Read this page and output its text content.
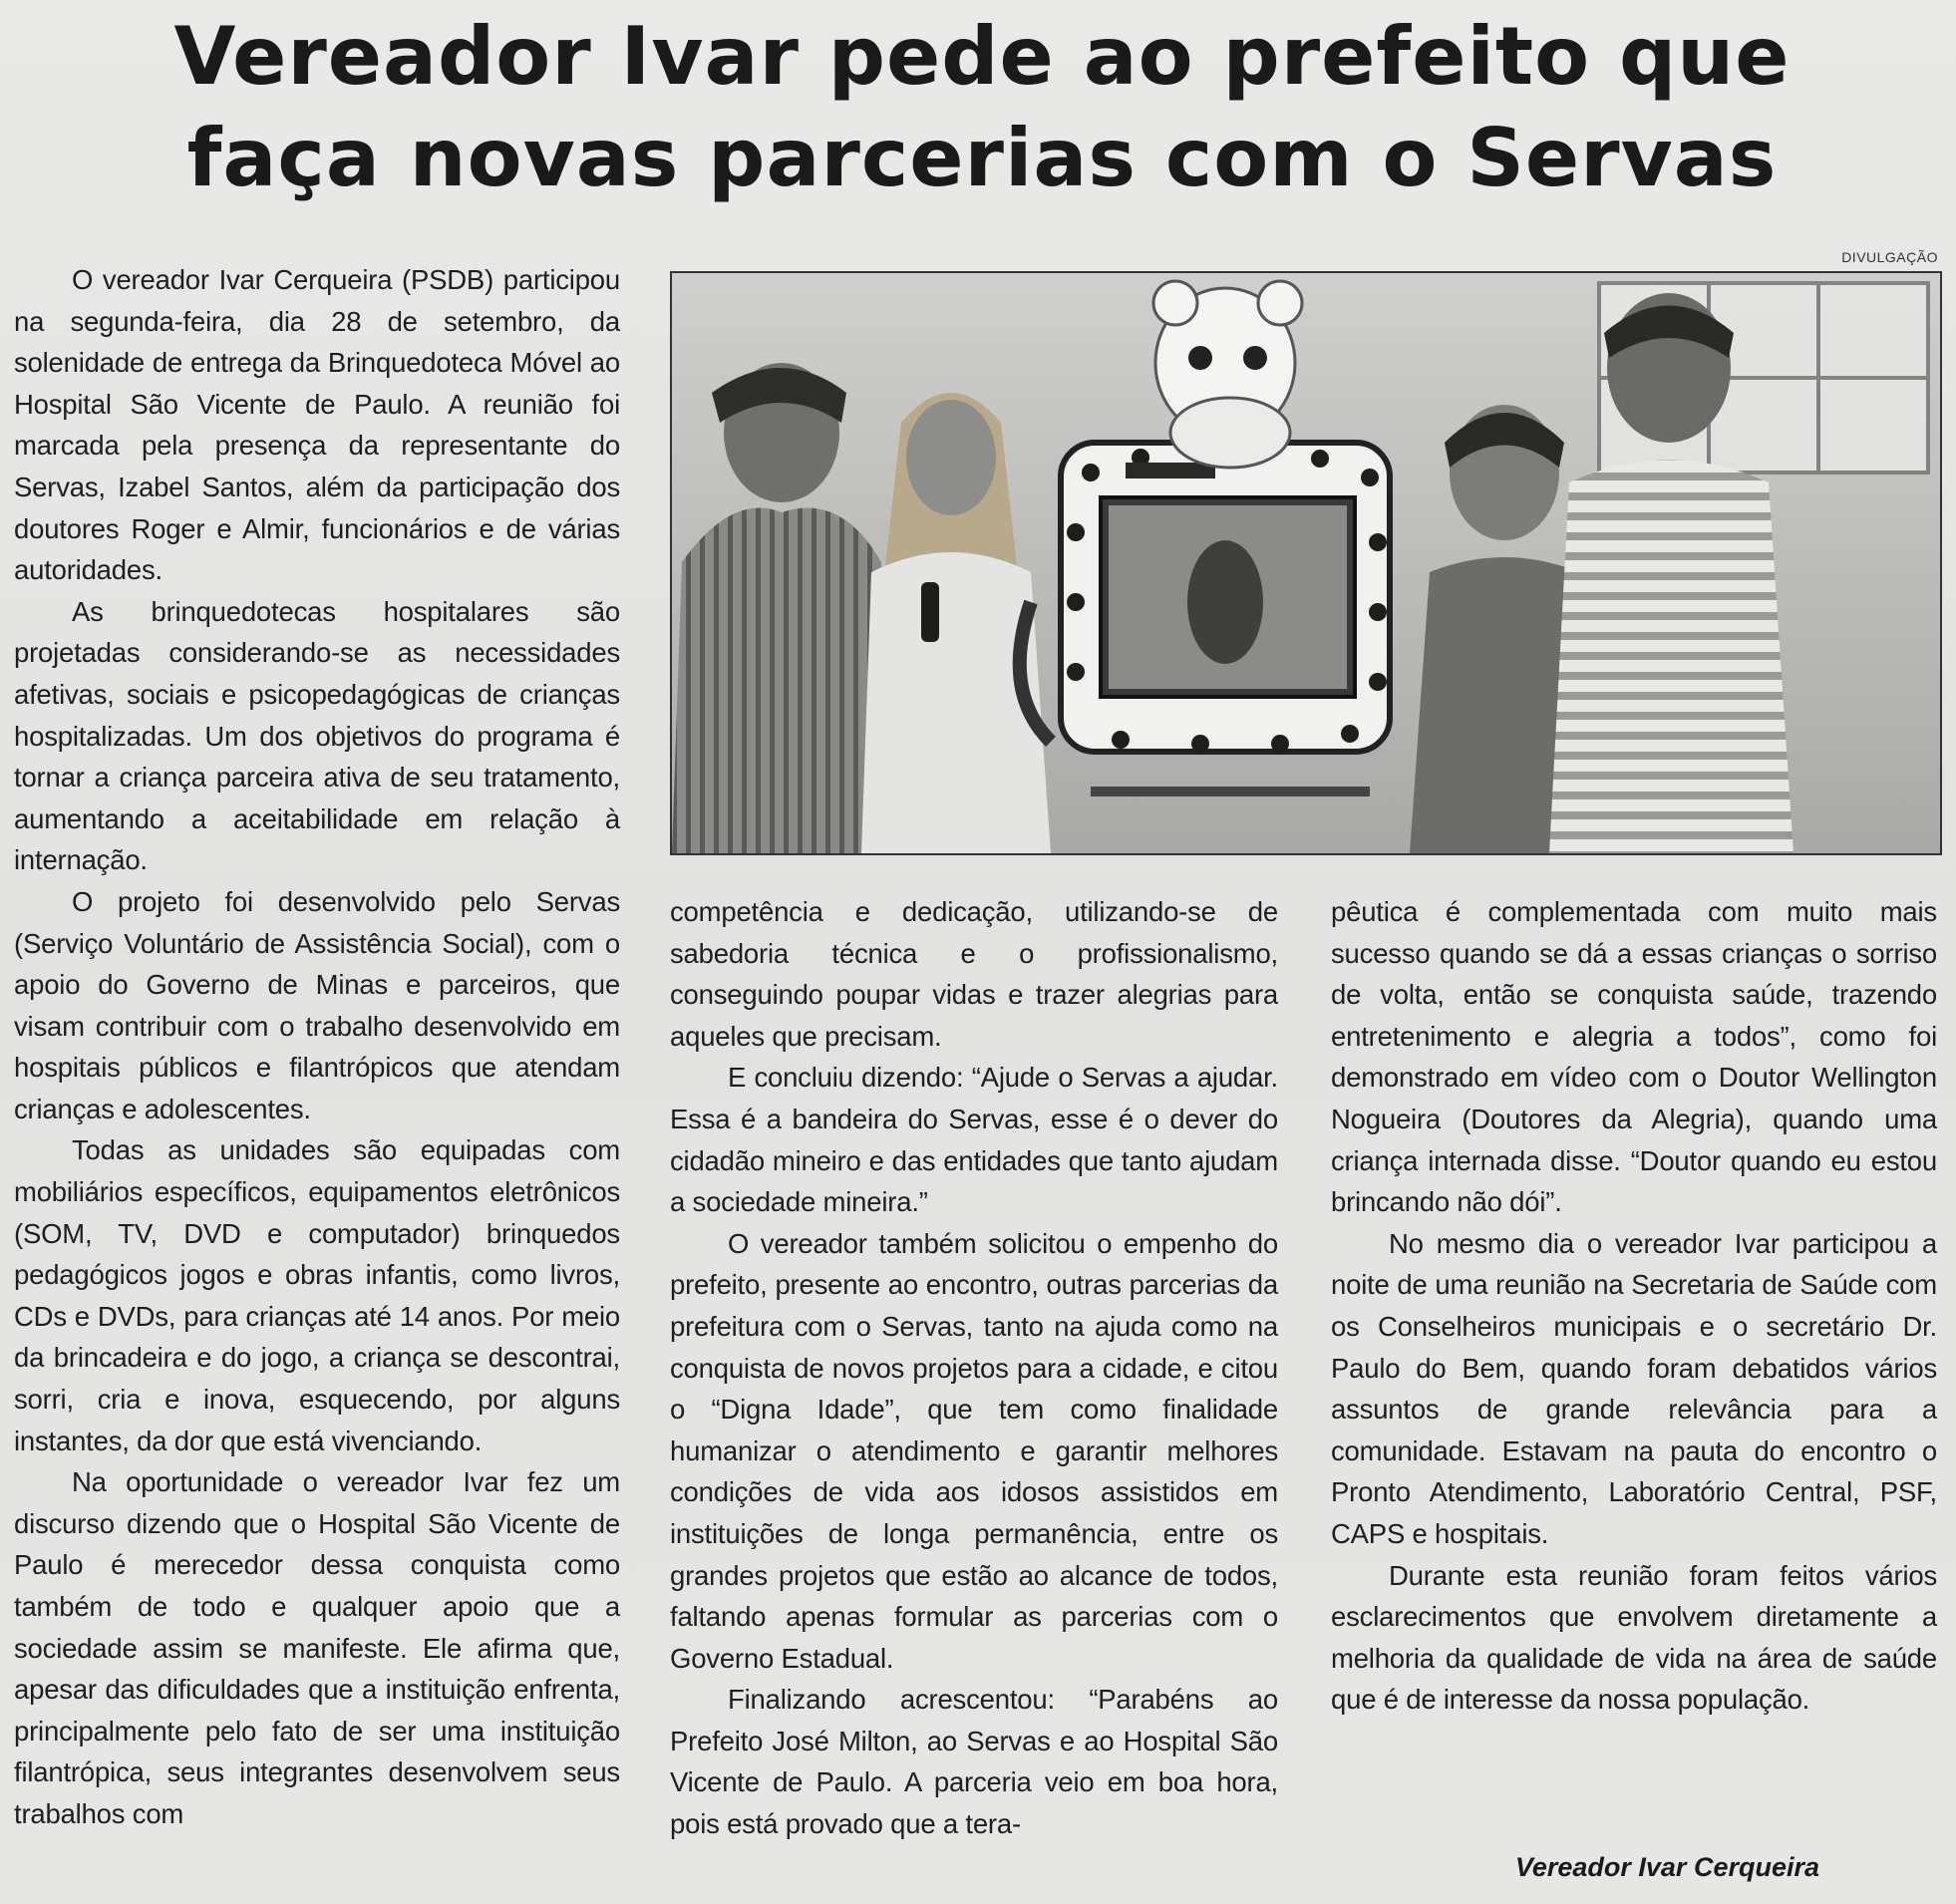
Vereador Ivar pede ao prefeito que
faça novas parcerias com o Servas
DIVULGAÇÃO

O vereador Ivar Cerqueira (PSDB) participou na segunda-feira, dia 28 de setembro, da solenidade de entrega da Brinquedoteca Móvel ao Hospital São Vicente de Paulo. A reunião foi marcada pela presença da representante do Servas, Izabel Santos, além da participação dos doutores Roger e Almir, funcionários e de várias autoridades.

As brinquedotecas hospitalares são projetadas considerando-se as necessidades afetivas, sociais e psicopedagógicas de crianças hospitalizadas. Um dos objetivos do programa é tornar a criança parceira ativa de seu tratamento, aumentando a aceitabilidade em relação à internação.

O projeto foi desenvolvido pelo Servas (Serviço Voluntário de Assistência Social), com o apoio do Governo de Minas e parceiros, que visam contribuir com o trabalho desenvolvido em hospitais públicos e filantrópicos que atendam crianças e adolescentes.

Todas as unidades são equipadas com mobiliários específicos, equipamentos eletrônicos (SOM, TV, DVD e computador) brinquedos pedagógicos jogos e obras infantis, como livros, CDs e DVDs, para crianças até 14 anos. Por meio da brincadeira e do jogo, a criança se descontrai, sorri, cria e inova, esquecendo, por alguns instantes, da dor que está vivenciando.

Na oportunidade o vereador Ivar fez um discurso dizendo que o Hospital São Vicente de Paulo é merecedor dessa conquista como também de todo e qualquer apoio que a sociedade assim se manifeste. Ele afirma que, apesar das dificuldades que a instituição enfrenta, principalmente pelo fato de ser uma instituição filantrópica, seus integrantes desenvolvem seus trabalhos com

competência e dedicação, utilizando-se de sabedoria técnica e o profissionalismo, conseguindo poupar vidas e trazer alegrias para aqueles que precisam.

E concluiu dizendo: “Ajude o Servas a ajudar. Essa é a bandeira do Servas, esse é o dever do cidadão mineiro e das entidades que tanto ajudam a sociedade mineira.”

O vereador também solicitou o empenho do prefeito, presente ao encontro, outras parcerias da prefeitura com o Servas, tanto na ajuda como na conquista de novos projetos para a cidade, e citou o “Digna Idade”, que tem como finalidade humanizar o atendimento e garantir melhores condições de vida aos idosos assistidos em instituições de longa permanência, entre os grandes projetos que estão ao alcance de todos, faltando apenas formular as parcerias com o Governo Estadual.

Finalizando acrescentou: “Parabéns ao Prefeito José Milton, ao Servas e ao Hospital São Vicente de Paulo. A parceria veio em boa hora, pois está provado que a tera-

pêutica é complementada com muito mais sucesso quando se dá a essas crianças o sorriso de volta, então se conquista saúde, trazendo entretenimento e alegria a todos”, como foi demonstrado em vídeo com o Doutor Wellington Nogueira (Doutores da Alegria), quando uma criança internada disse. “Doutor quando eu estou brincando não dói”.

No mesmo dia o vereador Ivar participou a noite de uma reunião na Secretaria de Saúde com os Conselheiros municipais e o secretário Dr. Paulo do Bem, quando foram debatidos vários assuntos de grande relevância para a comunidade. Estavam na pauta do encontro o Pronto Atendimento, Laboratório Central, PSF, CAPS e hospitais.

Durante esta reunião foram feitos vários esclarecimentos que envolvem diretamente a melhoria da qualidade de vida na área de saúde que é de interesse da nossa população.

Vereador Ivar Cerqueira
